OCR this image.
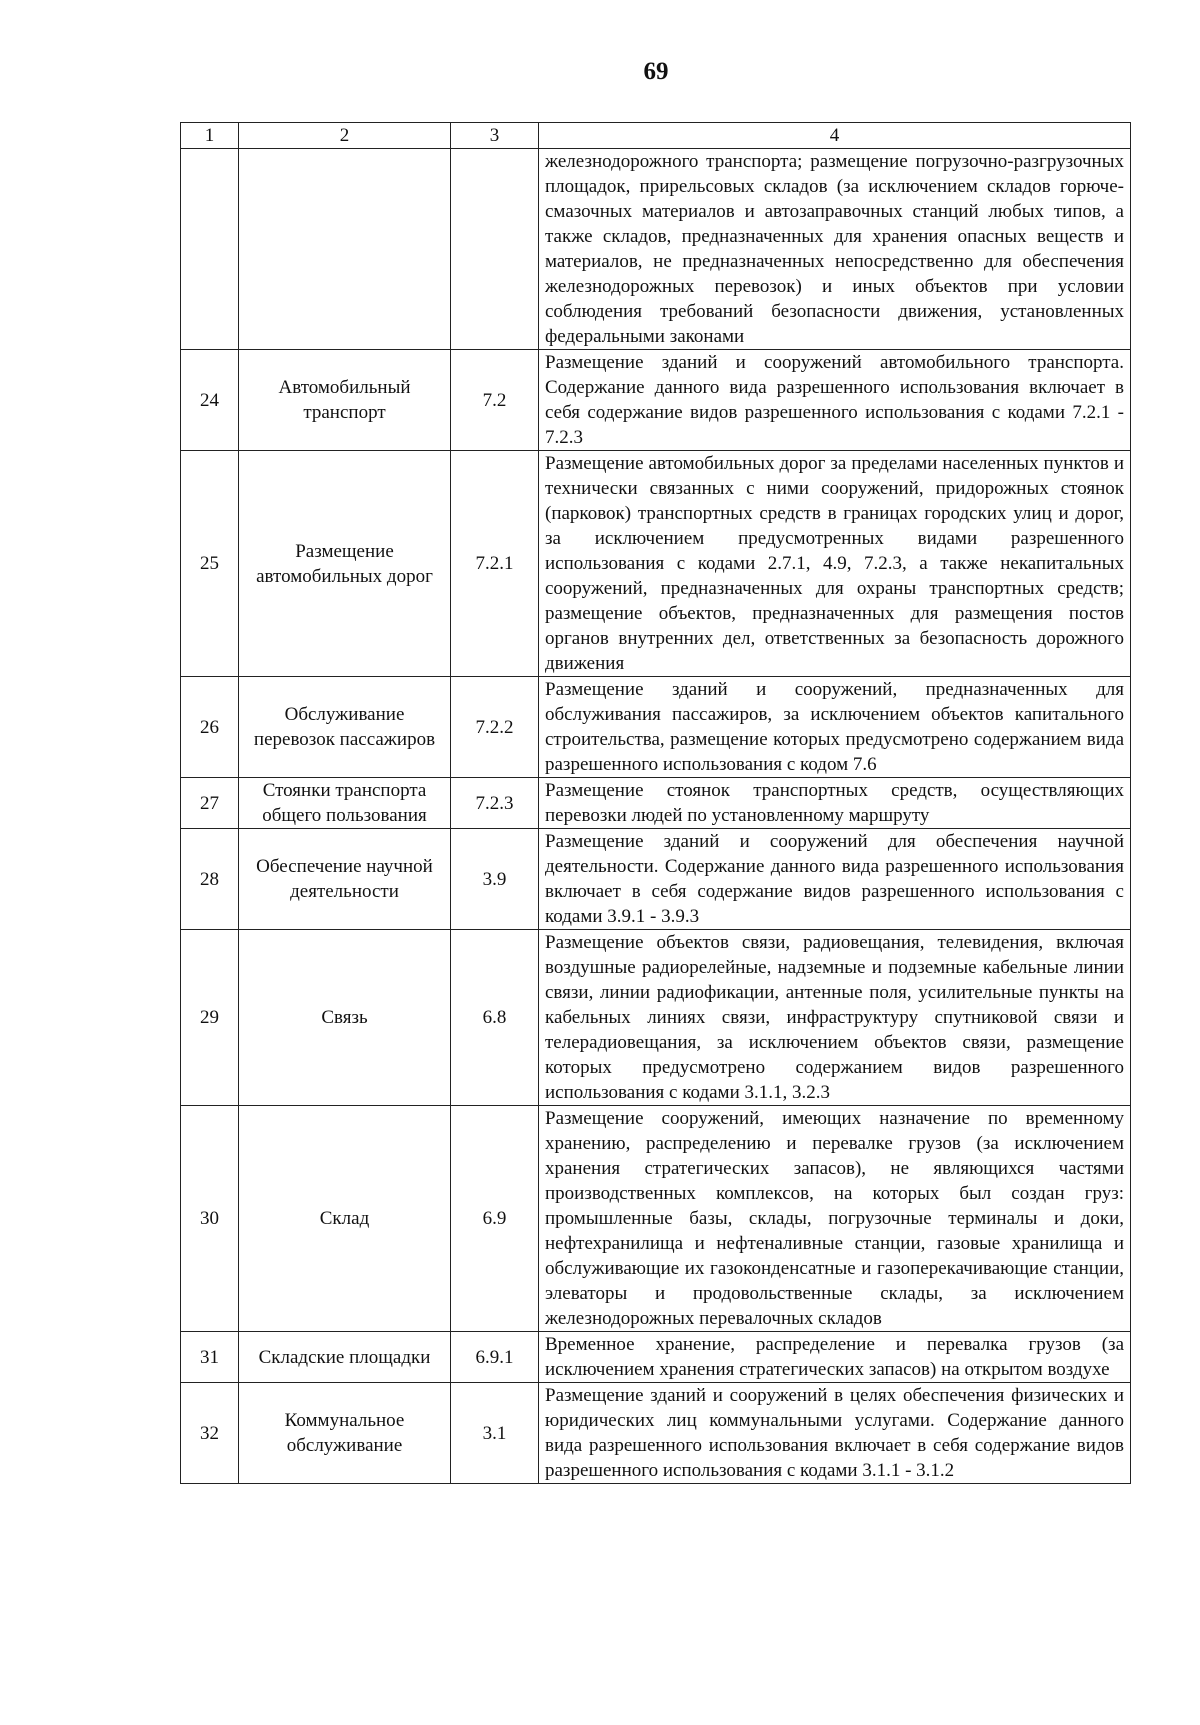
69
1	2	3	4
			железнодорожного транспорта; размещение погрузочно-разгрузочных площадок, прирельсовых складов (за исключением складов горюче-смазочных материалов и автозаправочных станций любых типов, а также складов, предназначенных для хранения опасных веществ и материалов, не предназначенных непосредственно для обеспечения железнодорожных перевозок) и иных объектов при условии соблюдения требований безопасности движения, установленных федеральными законами
24	Автомобильный транспорт	7.2	Размещение зданий и сооружений автомобильного транспорта. Содержание данного вида разрешенного использования включает в себя содержание видов разрешенного использования с кодами 7.2.1 - 7.2.3
25	Размещение автомобильных дорог	7.2.1	Размещение автомобильных дорог за пределами населенных пунктов и технически связанных с ними сооружений, придорожных стоянок (парковок) транспортных средств в границах городских улиц и дорог, за исключением предусмотренных видами разрешенного использования с кодами 2.7.1, 4.9, 7.2.3, а также некапитальных сооружений, предназначенных для охраны транспортных средств; размещение объектов, предназначенных для размещения постов органов внутренних дел, ответственных за безопасность дорожного движения
26	Обслуживание перевозок пассажиров	7.2.2	Размещение зданий и сооружений, предназначенных для обслуживания пассажиров, за исключением объектов капитального строительства, размещение которых предусмотрено содержанием вида разрешенного использования с кодом 7.6
27	Стоянки транспорта общего пользования	7.2.3	Размещение стоянок транспортных средств, осуществляющих перевозки людей по установленному маршруту
28	Обеспечение научной деятельности	3.9	Размещение зданий и сооружений для обеспечения научной деятельности. Содержание данного вида разрешенного использования включает в себя содержание видов разрешенного использования с кодами 3.9.1 - 3.9.3
29	Связь	6.8	Размещение объектов связи, радиовещания, телевидения, включая воздушные радиорелейные, надземные и подземные кабельные линии связи, линии радиофикации, антенные поля, усилительные пункты на кабельных линиях связи, инфраструктуру спутниковой связи и телерадиовещания, за исключением объектов связи, размещение которых предусмотрено содержанием видов разрешенного использования с кодами 3.1.1, 3.2.3
30	Склад	6.9	Размещение сооружений, имеющих назначение по временному хранению, распределению и перевалке грузов (за исключением хранения стратегических запасов), не являющихся частями производственных комплексов, на которых был создан груз: промышленные базы, склады, погрузочные терминалы и доки, нефтехранилища и нефтеналивные станции, газовые хранилища и обслуживающие их газоконденсатные и газоперекачивающие станции, элеваторы и продовольственные склады, за исключением железнодорожных перевалочных складов
31	Складские площадки	6.9.1	Временное хранение, распределение и перевалка грузов (за исключением хранения стратегических запасов) на открытом воздухе
32	Коммунальное обслуживание	3.1	Размещение зданий и сооружений в целях обеспечения физических и юридических лиц коммунальными услугами. Содержание данного вида разрешенного использования включает в себя содержание видов разрешенного использования с кодами 3.1.1 - 3.1.2
